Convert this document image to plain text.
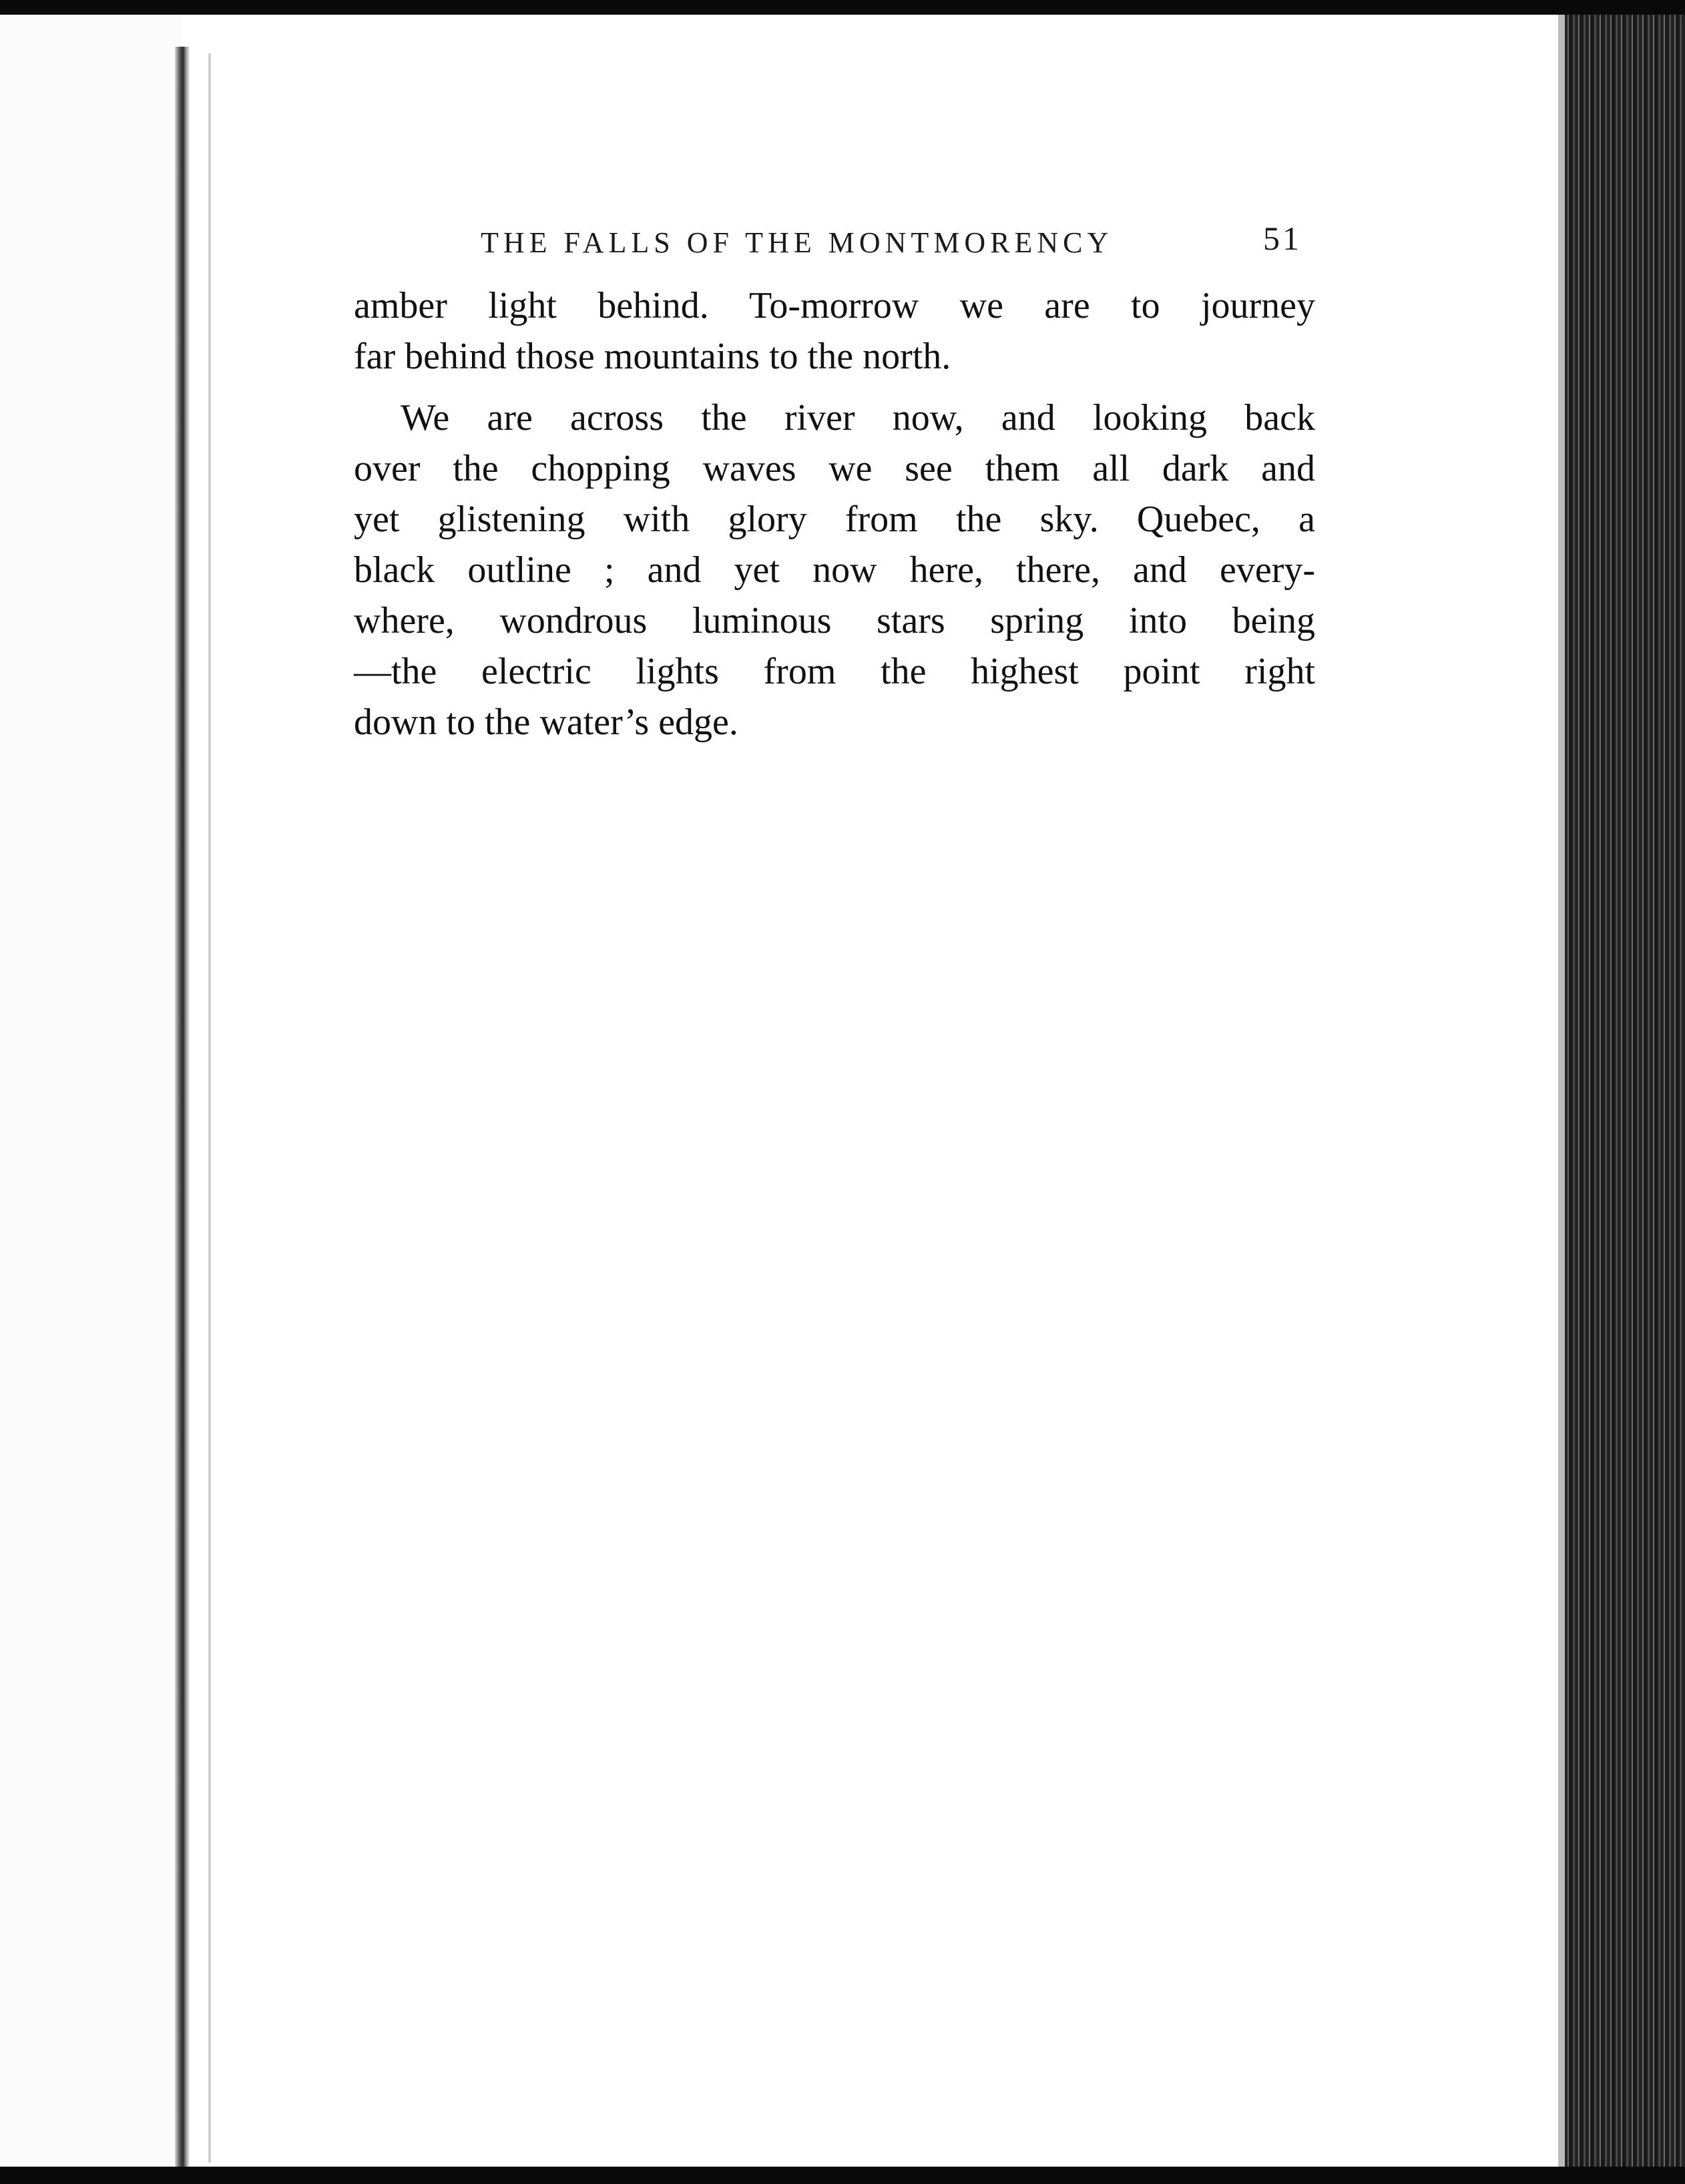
THE FALLS OF THE MONTMORENCY	51
amber light behind. To-morrow we are to journey
far behind those mountains to the north.
We are across the river now, and looking back
over the chopping waves we see them all dark and
yet glistening with glory from the sky. Quebec, a
black outline ; and yet now here, there, and every-
where, wondrous luminous stars spring into being
—the electric lights from the highest point right
down to the water’s edge.
